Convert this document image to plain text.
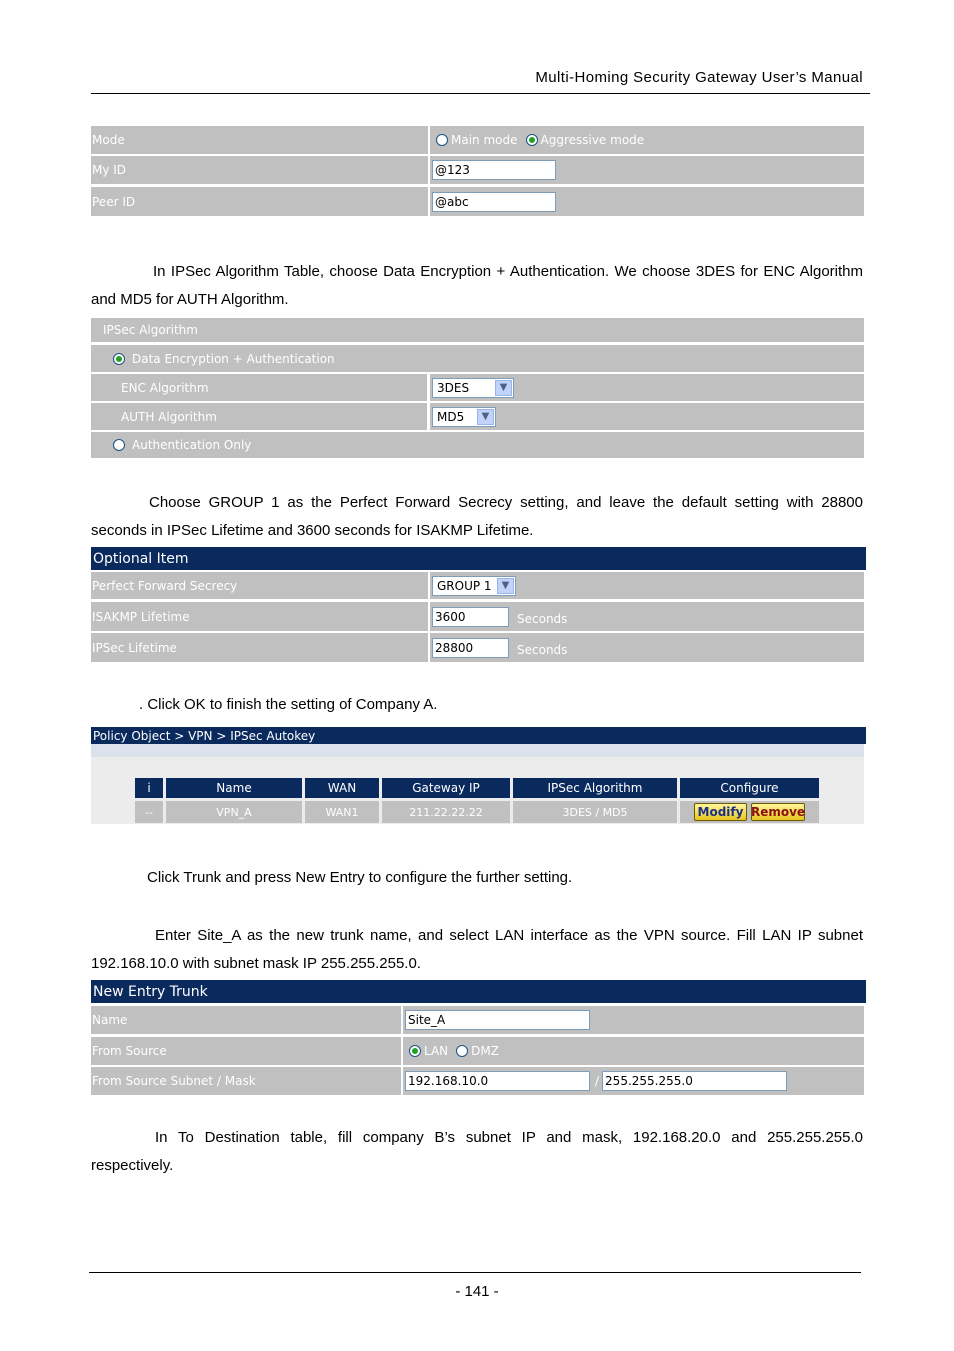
Multi-Homing Security Gateway User’s Manual
Mode	Main mode Aggressive mode
My ID	@123
Peer ID	@abc
In IPSec Algorithm Table, choose Data Encryption + Authentication. We choose 3DES for ENC Algorithm and MD5 for AUTH Algorithm.
IPSec Algorithm
Data Encryption + Authentication
ENC Algorithm	3DES	▼
AUTH Algorithm	MD5	▼
Authentication Only
Choose GROUP 1 as the Perfect Forward Secrecy setting, and leave the default setting with 28800 seconds in IPSec Lifetime and 3600 seconds for ISAKMP Lifetime.
Optional Item
Perfect Forward Secrecy	GROUP 1	▼
ISAKMP Lifetime	3600	Seconds
IPSec Lifetime	28800	Seconds
. Click OK to finish the setting of Company A.
Policy Object > VPN > IPSec Autokey
i	Name	WAN	Gateway IP	IPSec Algorithm	Configure
--	VPN_A	WAN1	211.22.22.22	3DES / MD5	Modify Remove
Click Trunk and press New Entry to configure the further setting.
Enter Site_A as the new trunk name, and select LAN interface as the VPN source. Fill LAN IP subnet 192.168.10.0 with subnet mask IP 255.255.255.0.
New Entry Trunk
Name	Site_A
From Source	LAN DMZ
From Source Subnet / Mask	192.168.10.0	/ 255.255.255.0
In To Destination table, fill company B’s subnet IP and mask, 192.168.20.0 and 255.255.255.0 respectively.
- 141 -
